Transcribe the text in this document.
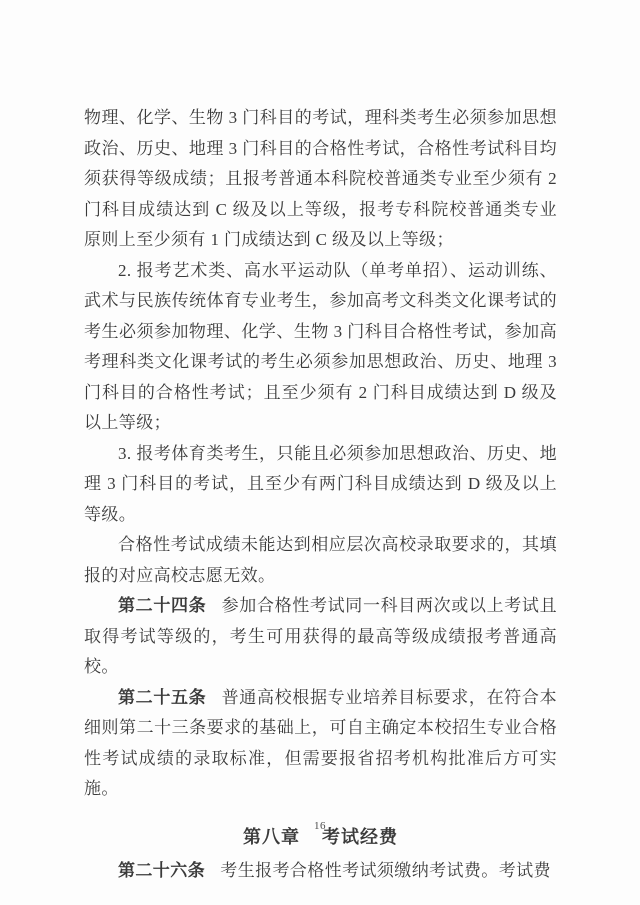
物理、化学、生物 3 门科目的考试，理科类考生必须参加思想政治、历史、地理 3 门科目的合格性考试，合格性考试科目均须获得等级成绩；且报考普通本科院校普通类专业至少须有 2 门科目成绩达到 C 级及以上等级，报考专科院校普通类专业原则上至少须有 1 门成绩达到 C 级及以上等级；

2. 报考艺术类、高水平运动队（单考单招）、运动训练、武术与民族传统体育专业考生，参加高考文科类文化课考试的考生必须参加物理、化学、生物 3 门科目合格性考试，参加高考理科类文化课考试的考生必须参加思想政治、历史、地理 3 门科目的合格性考试；且至少须有 2 门科目成绩达到 D 级及以上等级；

3. 报考体育类考生，只能且必须参加思想政治、历史、地理 3 门科目的考试，且至少有两门科目成绩达到 D 级及以上等级。

合格性考试成绩未能达到相应层次高校录取要求的，其填报的对应高校志愿无效。

第二十四条 参加合格性考试同一科目两次或以上考试且取得考试等级的，考生可用获得的最高等级成绩报考普通高校。

第二十五条 普通高校根据专业培养目标要求，在符合本细则第二十三条要求的基础上，可自主确定本校招生专业合格性考试成绩的录取标准，但需要报省招考机构批准后方可实施。

第八章 考试经费

第二十六条 考生报考合格性考试须缴纳考试费。考试费

16
